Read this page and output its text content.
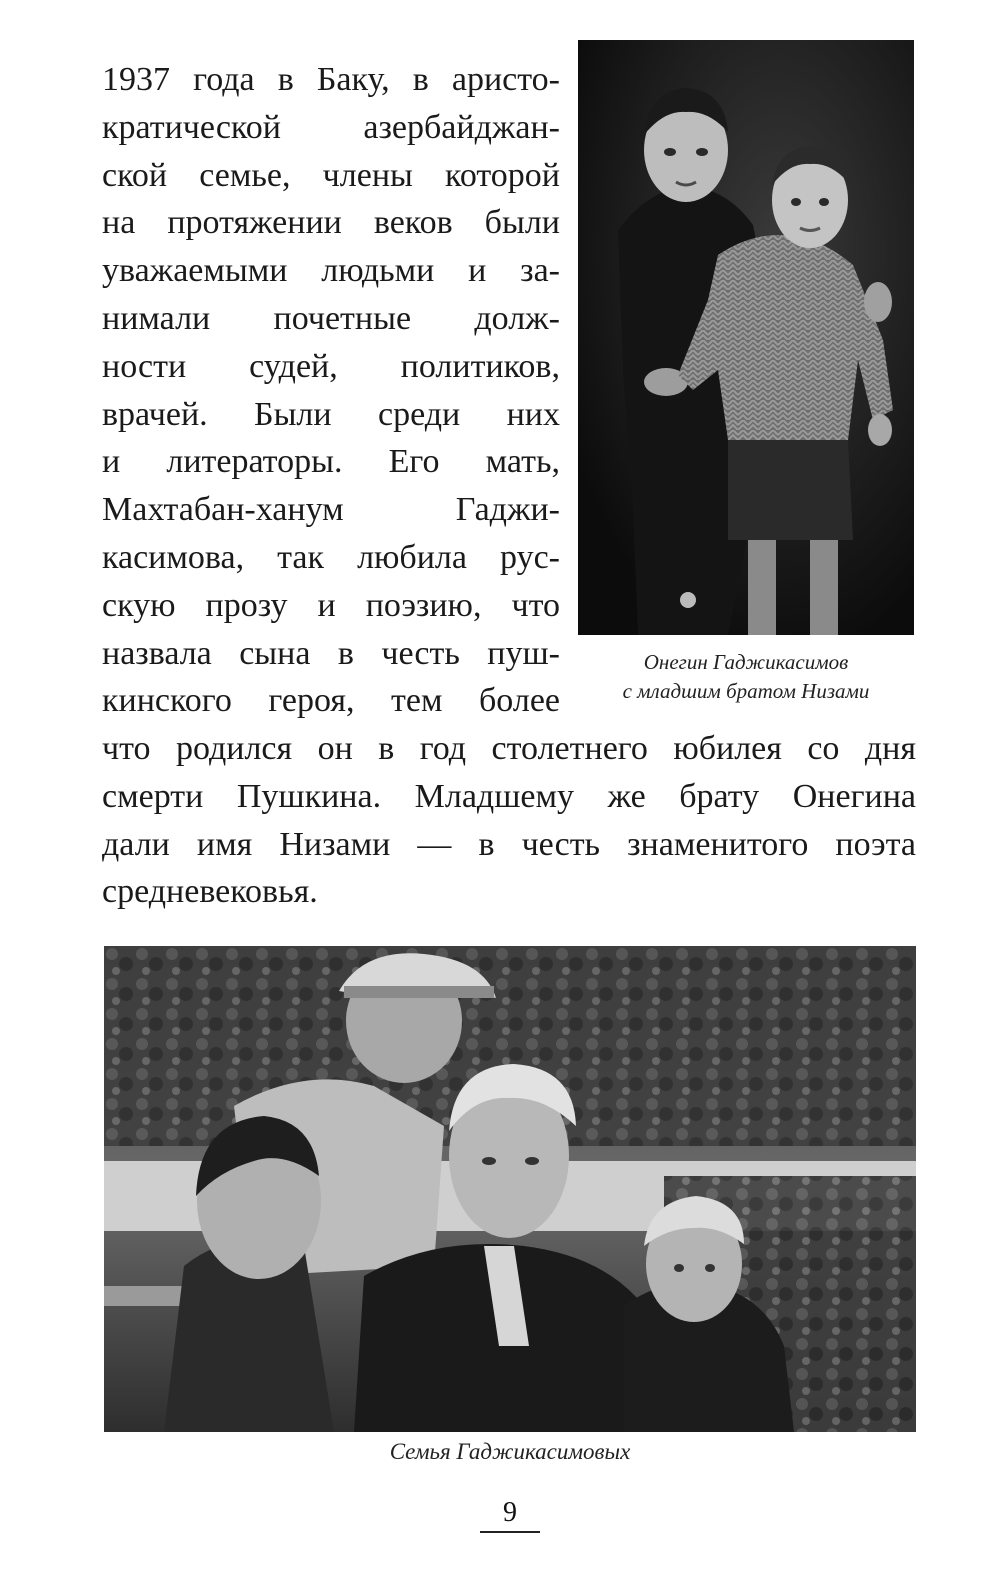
Онегин Гаджикасимов
с младшим братом Низами
1937 года в Баку, в аристо-
кратической азербайджан-
ской семье, члены которой
на протяжении веков были
уважаемыми людьми и за-
нимали почетные долж-
ности судей, политиков,
врачей. Были среди них
и литераторы. Его мать,
Махтабан-ханум Гаджи-
касимова, так любила рус-
скую прозу и поэзию, что
назвала сына в честь пуш-
кинского героя, тем более
что родился он в год столетнего юбилея со дня
смерти Пушкина. Младшему же брату Онегина
дали имя Низами — в честь знаменитого поэта
средневековья.
Семья Гаджикасимовых
9
